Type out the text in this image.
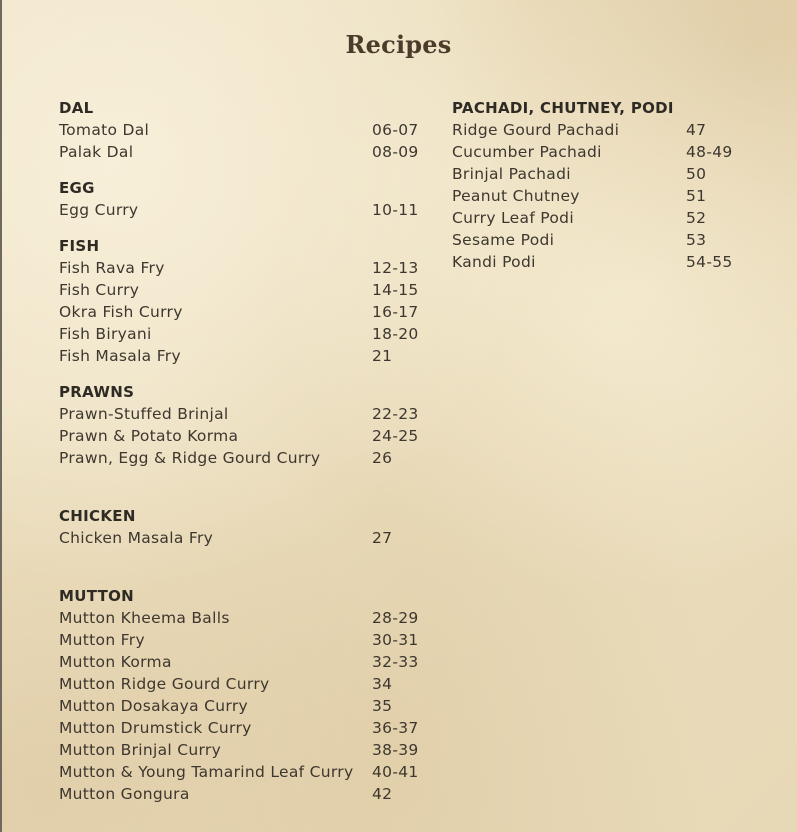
Recipes
DAL
Tomato Dal	06-07
Palak Dal	08-09
EGG
Egg Curry	10-11
FISH
Fish Rava Fry	12-13
Fish Curry	14-15
Okra Fish Curry	16-17
Fish Biryani	18-20
Fish Masala Fry	21
PRAWNS
Prawn-Stuffed Brinjal	22-23
Prawn & Potato Korma	24-25
Prawn, Egg & Ridge Gourd Curry	26
CHICKEN
Chicken Masala Fry	27
MUTTON
Mutton Kheema Balls	28-29
Mutton Fry	30-31
Mutton Korma	32-33
Mutton Ridge Gourd Curry	34
Mutton Dosakaya Curry	35
Mutton Drumstick Curry	36-37
Mutton Brinjal Curry	38-39
Mutton & Young Tamarind Leaf Curry 40-41
Mutton Gongura	42
PACHADI, CHUTNEY, PODI
Ridge Gourd Pachadi	47
Cucumber Pachadi	48-49
Brinjal Pachadi	50
Peanut Chutney	51
Curry Leaf Podi	52
Sesame Podi	53
Kandi Podi	54-55
